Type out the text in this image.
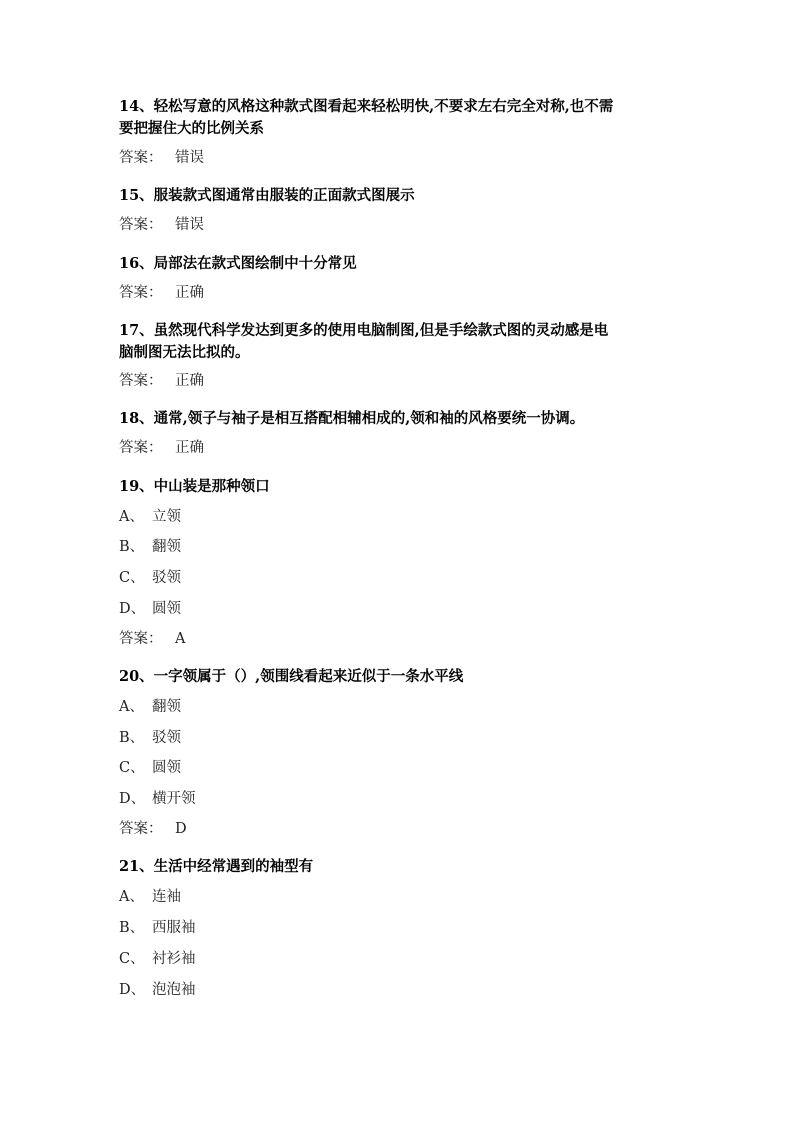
14、轻松写意的风格这种款式图看起来轻松明快,不要求左右完全对称,也不需
要把握住大的比例关系
答案： 错误
15、服装款式图通常由服装的正面款式图展示
答案： 错误
16、局部法在款式图绘制中十分常见
答案： 正确
17、虽然现代科学发达到更多的使用电脑制图,但是手绘款式图的灵动感是电
脑制图无法比拟的。
答案： 正确
18、通常,领子与袖子是相互搭配相辅相成的,领和袖的风格要统一协调。
答案： 正确
19、中山装是那种领口
A、 立领
B、 翻领
C、 驳领
D、 圆领
答案： A
20、一字领属于（）,领围线看起来近似于一条水平线
A、 翻领
B、 驳领
C、 圆领
D、 横开领
答案： D
21、生活中经常遇到的袖型有
A、 连袖
B、 西服袖
C、 衬衫袖
D、 泡泡袖
